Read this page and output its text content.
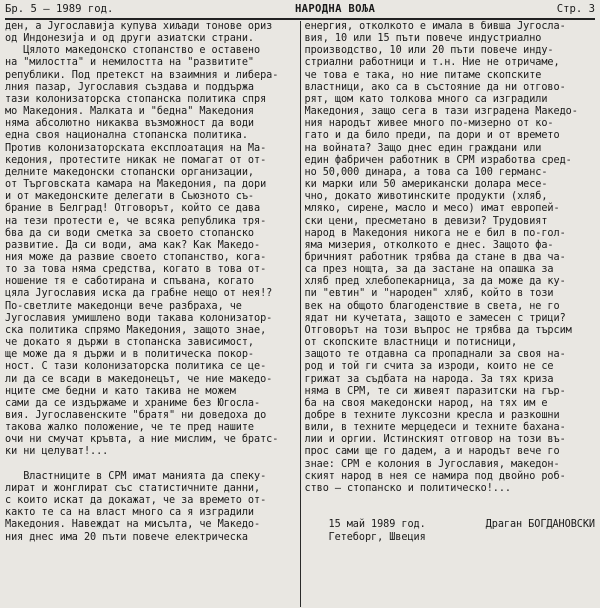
Бр. 5 – 1989 год.	НАРОДНА ВОЉА	Стр. 3

ден, а Југославија купува хиљади тонове ориз

од Индонезија и од други азиатски страни.

Цялото македонско стопанство е оставено

на "милостта" и немилостта на "развитите"

републики. Под претекст на взаимния и либера-

лния пазар, Југославия създава и поддържа

тази колонизаторска стопанска политика спря

мо Македония. Малката и "бедна" Македония

няма абсолютно никаква възможност да води

една своя национална стопанска политика.

Против колонизаторската експлоатация на Ма-

кедония, протестите никак не помагат от от-

делните македонски стопански организации,

от Търговската камара на Македония, па дори

и от македонските делегати в Сьюзното съ-

брание в Белград! Отговорът, който се дава

на тези протести е, че всяка република тря-

бва да си води сметка за своето стопанско

развитие. Да си води, ама как? Как Македо-

ния може да развие своето стопанство, кога-

то за това няма средства, когато в това от-

ношение тя е саботирана и спъвана, когато

цяла Југославия иска да грабне нещо от нея!?

По-светлите македонци вече разбраха, че

Југославия умишлено води такава колонизатор-

ска политика спрямо Македония, защото знае,

че докато я държи в стопанска зависимост,

ще може да я държи и в политическа покор-

ност. С тази колонизаторска политика се це-

ли да се всади в македонецът, че ние македо-

нците сме бедни и като такива не можем

сами да се издържаме и храниме без Югосла-

вия. Југославенските "братя" ни доведоха до

такова жалко положение, че те пред нашите

очи ни смучат кръвта, а ние мислим, че братс-

ки ни целуват!...

Властниците в СРМ имат манията да спеку-

лират и жонглират със статистичните данни,

с които искат да докажат, че за времето от-

както те са на власт много са я изградили

Македония. Навеждат на мисълта, че Македо-

ния днес има 20 пъти повече електрическа

енергия, отколкото е имала в бивша Југосла-

вия, 10 или 15 пъти повече индустриално

производство, 10 или 20 пъти повече инду-

стриални работници и т.н. Ние не отричаме,

че това е така, но ние питаме скопските

властници, ако са в състояние да ни отгово-

рят, щом като толкова много са изградили

Македония, защо сега в тази изградена Македо-

ния народът живее много по-мизерно от ко-

гато и да било преди, па дори и от времето

на войната? Защо днес един граждани или

един фабричен работник в СРМ изработва сред-

но 50,000 динара, а това са 100 германс-

ки марки или 50 американски долара месе-

чно, докато животинските продукти (хляб,

мляко, сирене, масло и месо) имат европей-

ски цени, пресметано в девизи? Трудовият

народ в Македония никога не е бил в по-гол-

яма мизерия, отколкото е днес. Защото фа-

бричният работник трябва да стане в два ча-

са през нощта, за да застане на опашка за

хляб пред хлебопекарница, за да може да ку-

пи "евтин" и "народен" хляб, който в този

век на общото благоденствие в света, не го

ядат ни кучетата, защото е замесен с трици?

Отговорът на този въпрос не трябва да търсим

от скопските властници и потисници,

защото те отдавна са пропаднали за своя на-

род и той ги счита за изроди, които не се

грижат за съдбата на народа. За тях криза

няма в СРМ, те си живеят паразитски на гър-

ба на своя македонски народ, на тях им е

добре в техните луксозни кресла и разкошни

вили, в техните мерцедеси и техните бахана-

лии и оргии. Истинският отговор на този въ-

прос сами ще го дадем, а и народът вече го

знае: СРМ е колония в Југославия, македон-

ският народ в нея се намира под двойно роб-

ство – стопанско и политическо!...

15 май 1989 год.	Драган БОГДАНОВСКИ

Гетеборг, Швеция
